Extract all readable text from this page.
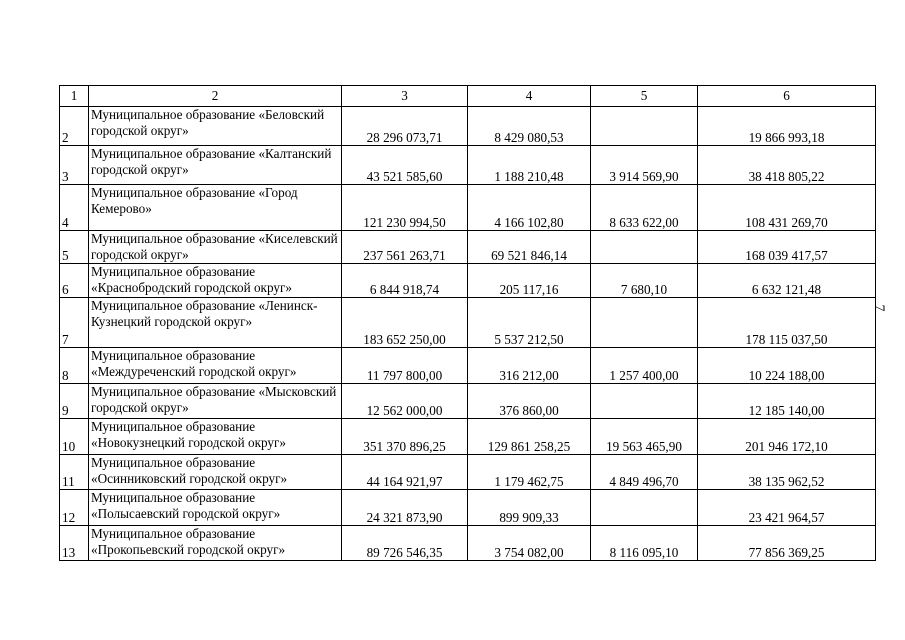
1	2	3	4	5	6
2	Муниципальное образование «Беловский городской округ»	28 296 073,71	8 429 080,53		19 866 993,18
3	Муниципальное образование «Калтанский городской округ»	43 521 585,60	1 188 210,48	3 914 569,90	38 418 805,22
4	Муниципальное образование «Город Кемерово»	121 230 994,50	4 166 102,80	8 633 622,00	108 431 269,70
5	Муниципальное образование «Киселевский городской округ»	237 561 263,71	69 521 846,14		168 039 417,57
6	Муниципальное образование «Краснобродский городской округ»	6 844 918,74	205 117,16	7 680,10	6 632 121,48
7	Муниципальное образование «Ленинск-Кузнецкий городской округ»	183 652 250,00	5 537 212,50		178 115 037,50
8	Муниципальное образование «Междуреченский городской округ»	11 797 800,00	316 212,00	1 257 400,00	10 224 188,00
9	Муниципальное образование «Мысковский городской округ»	12 562 000,00	376 860,00		12 185 140,00
10	Муниципальное образование «Новокузнецкий городской округ»	351 370 896,25	129 861 258,25	19 563 465,90	201 946 172,10
11	Муниципальное образование «Осинниковский городской округ»	44 164 921,97	1 179 462,75	4 849 496,70	38 135 962,52
12	Муниципальное образование «Полысаевский городской округ»	24 321 873,90	899 909,33		23 421 964,57
13	Муниципальное образование «Прокопьевский городской округ»	89 726 546,35	3 754 082,00	8 116 095,10	77 856 369,25
7
